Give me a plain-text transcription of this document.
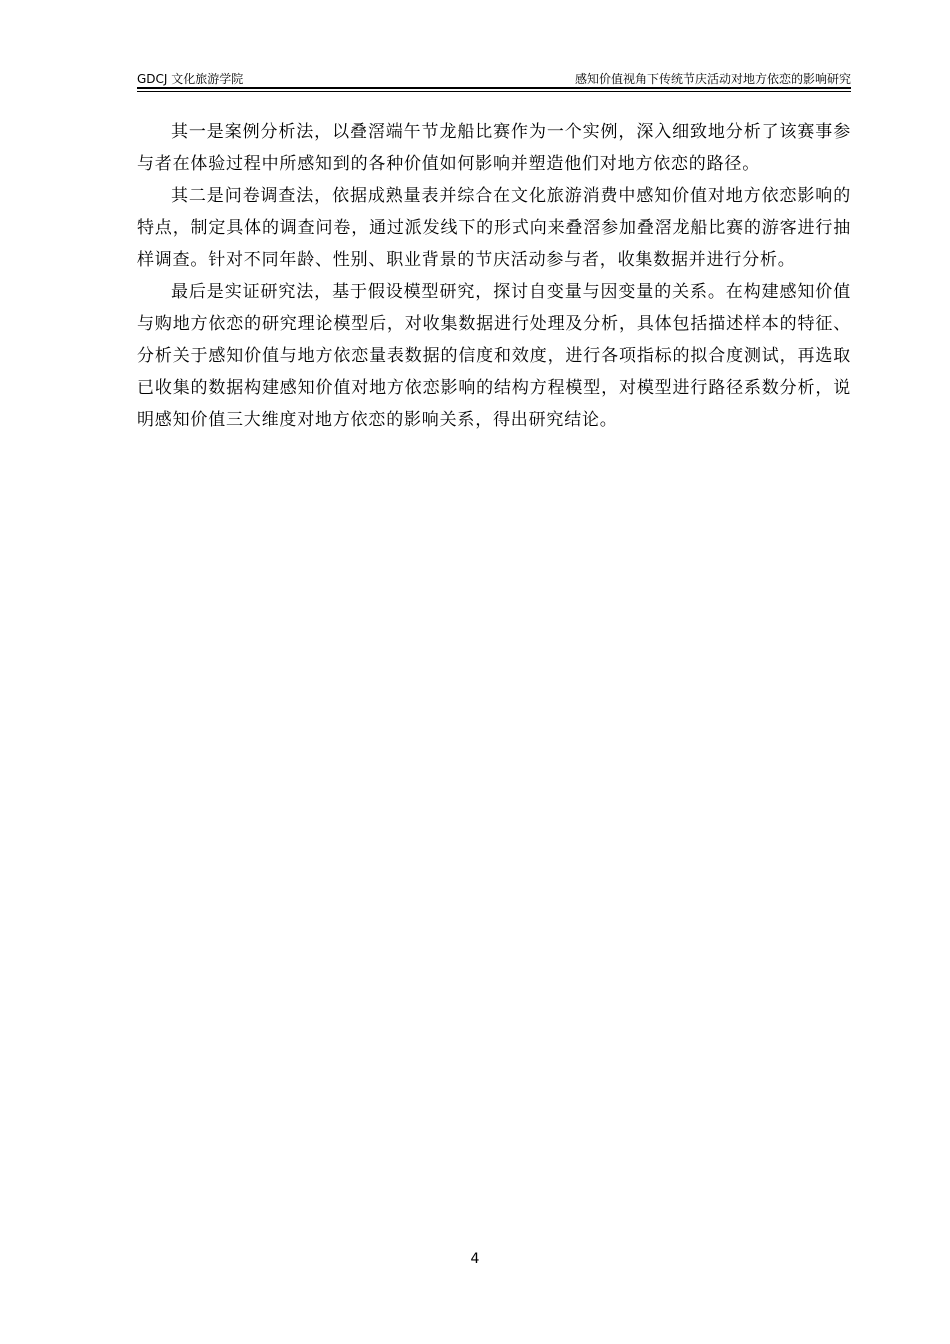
GDCJ 文化旅游学院	感知价值视角下传统节庆活动对地方依恋的影响研究

其一是案例分析法，以叠滘端午节龙船比赛作为一个实例，深入细致地分析了该赛事参与者在体验过程中所感知到的各种价值如何影响并塑造他们对地方依恋的路径。

其二是问卷调查法，依据成熟量表并综合在文化旅游消费中感知价值对地方依恋影响的特点，制定具体的调查问卷，通过派发线下的形式向来叠滘参加叠滘龙船比赛的游客进行抽样调查。针对不同年龄、性别、职业背景的节庆活动参与者，收集数据并进行分析。

最后是实证研究法，基于假设模型研究，探讨自变量与因变量的关系。在构建感知价值与购地方依恋的研究理论模型后，对收集数据进行处理及分析，具体包括描述样本的特征、分析关于感知价值与地方依恋量表数据的信度和效度，进行各项指标的拟合度测试，再选取已收集的数据构建感知价值对地方依恋影响的结构方程模型，对模型进行路径系数分析，说明感知价值三大维度对地方依恋的影响关系，得出研究结论。

4
